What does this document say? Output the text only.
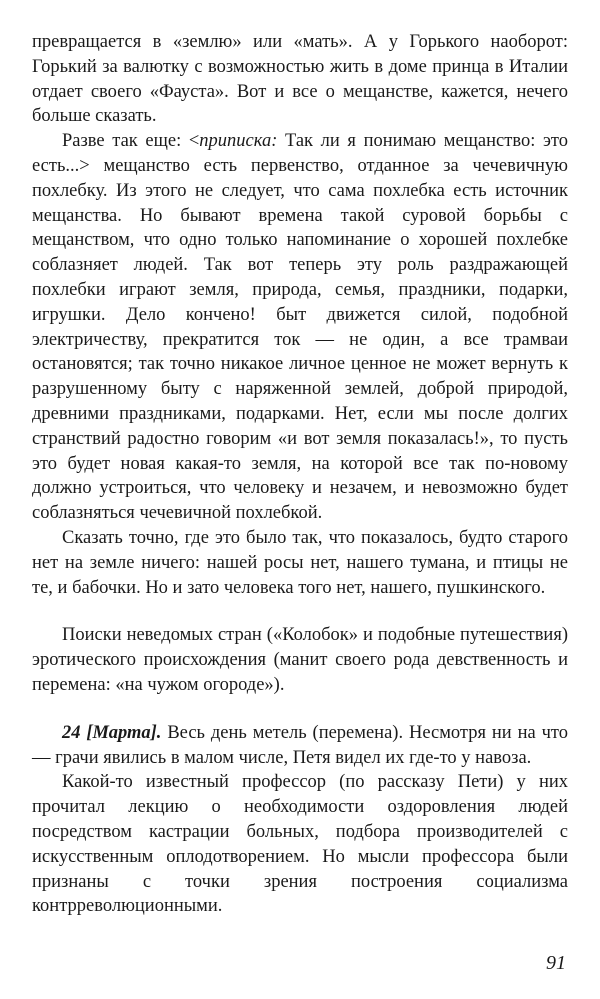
превращается в «землю» или «мать». А у Горького наоборот: Горький за валютку с возможностью жить в доме принца в Италии отдает своего «Фауста». Вот и все о мещанстве, кажется, нечего больше сказать.

Разве так еще: <приписка: Так ли я понимаю мещанство: это есть...> мещанство есть первенство, отданное за чечевичную похлебку. Из этого не следует, что сама похлебка есть источник мещанства. Но бывают времена такой суровой борьбы с мещанством, что одно только напоминание о хорошей похлебке соблазняет людей. Так вот теперь эту роль раздражающей похлебки играют земля, природа, семья, праздники, подарки, игрушки. Дело кончено! быт движется силой, подобной электричеству, прекратится ток — не один, а все трамваи остановятся; так точно никакое личное ценное не может вернуть к разрушенному быту с наряженной землей, доброй природой, древними праздниками, подарками. Нет, если мы после долгих странствий радостно говорим «и вот земля показалась!», то пусть это будет новая какая-то земля, на которой все так по-новому должно устроиться, что человеку и незачем, и невозможно будет соблазняться чечевичной похлебкой.

Сказать точно, где это было так, что показалось, будто старого нет на земле ничего: нашей росы нет, нашего тумана, и птицы не те, и бабочки. Но и зато человека того нет, нашего, пушкинского.

Поиски неведомых стран («Колобок» и подобные путешествия) эротического происхождения (манит своего рода девственность и перемена: «на чужом огороде»).

24 [Марта]. Весь день метель (перемена). Несмотря ни на что — грачи явились в малом числе, Петя видел их где-то у навоза.

Какой-то известный профессор (по рассказу Пети) у них прочитал лекцию о необходимости оздоровления людей посредством кастрации больных, подбора производителей с искусственным оплодотворением. Но мысли профессора были признаны с точки зрения построения социализма контрреволюционными.

91
